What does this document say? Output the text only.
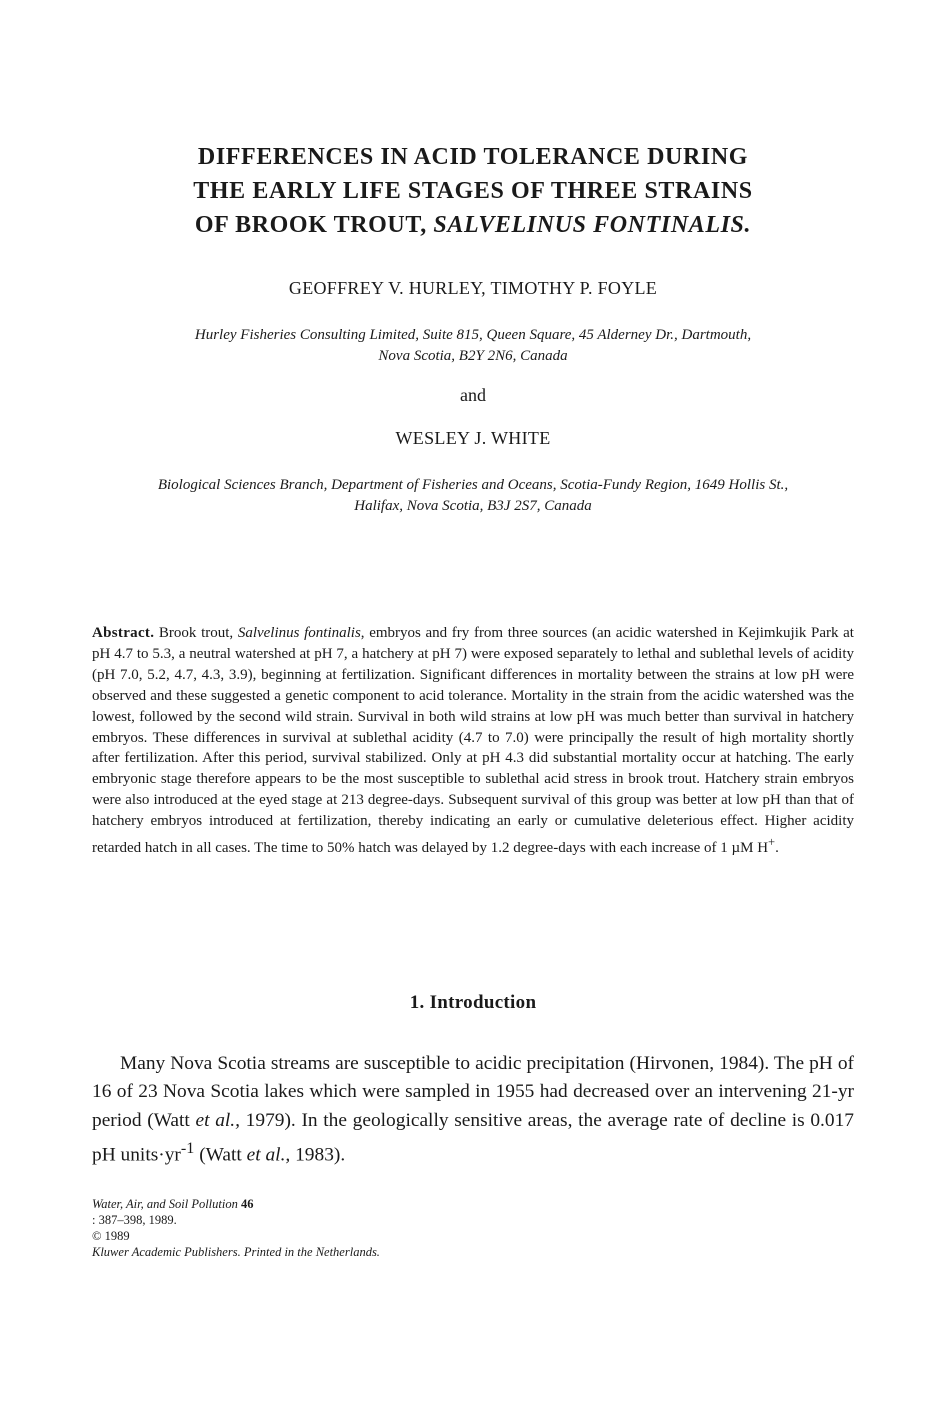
DIFFERENCES IN ACID TOLERANCE DURING
THE EARLY LIFE STAGES OF THREE STRAINS
OF BROOK TROUT, SALVELINUS FONTINALIS.
GEOFFREY V. HURLEY, TIMOTHY P. FOYLE
Hurley Fisheries Consulting Limited, Suite 815, Queen Square, 45 Alderney Dr., Dartmouth,
Nova Scotia, B2Y 2N6, Canada
and
WESLEY J. WHITE
Biological Sciences Branch, Department of Fisheries and Oceans, Scotia-Fundy Region, 1649 Hollis St.,
Halifax, Nova Scotia, B3J 2S7, Canada
Abstract. Brook trout, Salvelinus fontinalis, embryos and fry from three sources (an acidic watershed in Kejimkujik Park at pH 4.7 to 5.3, a neutral watershed at pH 7, a hatchery at pH 7) were exposed separately to lethal and sublethal levels of acidity (pH 7.0, 5.2, 4.7, 4.3, 3.9), beginning at fertilization. Significant differences in mortality between the strains at low pH were observed and these suggested a genetic component to acid tolerance. Mortality in the strain from the acidic watershed was the lowest, followed by the second wild strain. Survival in both wild strains at low pH was much better than survival in hatchery embryos. These differences in survival at sublethal acidity (4.7 to 7.0) were principally the result of high mortality shortly after fertilization. After this period, survival stabilized. Only at pH 4.3 did substantial mortality occur at hatching. The early embryonic stage therefore appears to be the most susceptible to sublethal acid stress in brook trout. Hatchery strain embryos were also introduced at the eyed stage at 213 degree-days. Subsequent survival of this group was better at low pH than that of hatchery embryos introduced at fertilization, thereby indicating an early or cumulative deleterious effect. Higher acidity retarded hatch in all cases. The time to 50% hatch was delayed by 1.2 degree-days with each increase of 1 µM H+.
1. Introduction
Many Nova Scotia streams are susceptible to acidic precipitation (Hirvonen, 1984). The pH of 16 of 23 Nova Scotia lakes which were sampled in 1955 had decreased over an intervening 21-yr period (Watt et al., 1979). In the geologically sensitive areas, the average rate of decline is 0.017 pH $units\cdot yr^{-1}$ (Watt et al., 1983).
Water, Air, and Soil Pollution 46
: 387–398, 1989.
© 1989
Kluwer Academic Publishers. Printed in the Netherlands.
